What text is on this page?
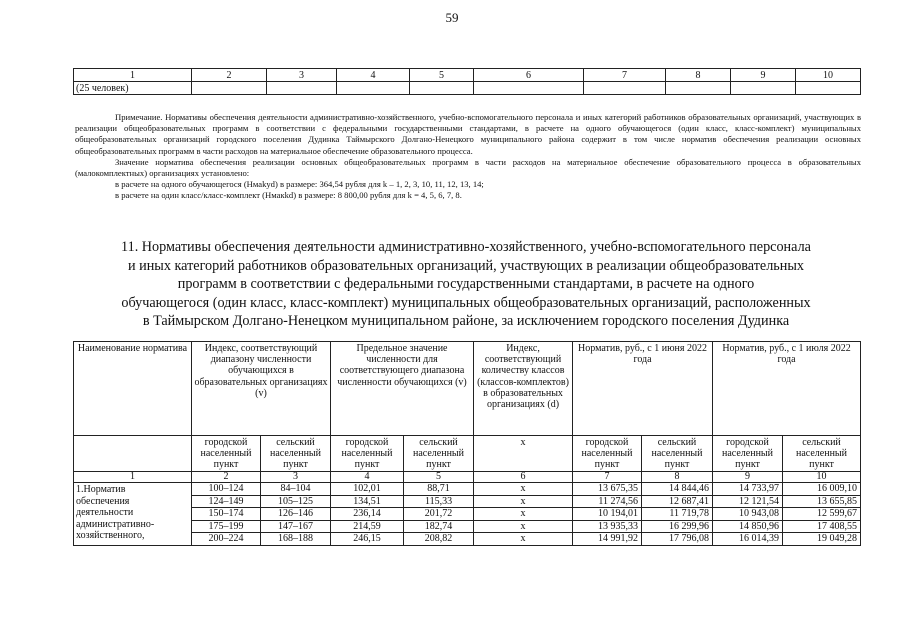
59
1	2	3	4	5	6	7	8	9	10
(25 человек)									

Примечание. Нормативы обеспечения деятельности административно-хозяйственного, учебно-вспомогательного персонала и иных категорий работников образовательных организаций, участвующих в реализации общеобразовательных программ в соответствии с федеральными государственными стандартами, в расчете на одного обучающегося (один класс, класс-комплект) муниципальных общеобразовательных организаций городского поселения Дудинка Таймырского Долгано-Ненецкого муниципального района содержит в том числе норматив обеспечения реализации основных общеобразовательных программ в части расходов на материальное обеспечение образовательного процесса.

Значение норматива обеспечения реализации основных общеобразовательных программ в части расходов на материальное обеспечение образовательного процесса в образовательных (малокомплектных) организациях установлено:

в расчете на одного обучающегося (Нмаkуd) в размере: 364,54 рубля для k – 1, 2, 3, 10, 11, 12, 13, 14;

в расчете на один класс/класс-комплект (Нмакkd) в размере: 8 800,00 рубля для k = 4, 5, 6, 7, 8.

11. Нормативы обеспечения деятельности административно-хозяйственного, учебно-вспомогательного персонала
и иных категорий работников образовательных организаций, участвующих в реализации общеобразовательных
программ в соответствии с федеральными государственными стандартами, в расчете на одного
обучающегося (один класс, класс-комплект) муниципальных общеобразовательных организаций, расположенных
в Таймырском Долгано-Ненецком муниципальном районе, за исключением городского поселения Дудинка
Наименование норматива	Индекс, соответствующий диапазону численности обучающихся в образовательных организациях (v)		Предельное значение численности для соответствующего диапазона численности обучающихся (v)		Индекс, соответствующий количеству классов (классов-комплектов) в образовательных организациях (d)	Норматив, руб., с 1 июня 2022 года		Норматив, руб., с 1 июля 2022 года	
	городской населенный пункт	сельский населенный пункт	городской населенный пункт	сельский населенный пункт	х	городской населенный пункт	сельский населенный пункт	городской населенный пункт	сельский населенный пункт
1	2	3	4	5	6	7	8	9	10

1.Норматив
обеспечения
деятельности
административно-
хозяйственного,	100–124	84–104	102,01	88,71	х	13 675,35	14 844,46	14 733,97	16 009,10
	124–149	105–125	134,51	115,33	х	11 274,56	12 687,41	12 121,54	13 655,85
	150–174	126–146	236,14	201,72	х	10 194,01	11 719,78	10 943,08	12 599,67
	175–199	147–167	214,59	182,74	х	13 935,33	16 299,96	14 850,96	17 408,55
	200–224	168–188	246,15	208,82	х	14 991,92	17 796,08	16 014,39	19 049,28
